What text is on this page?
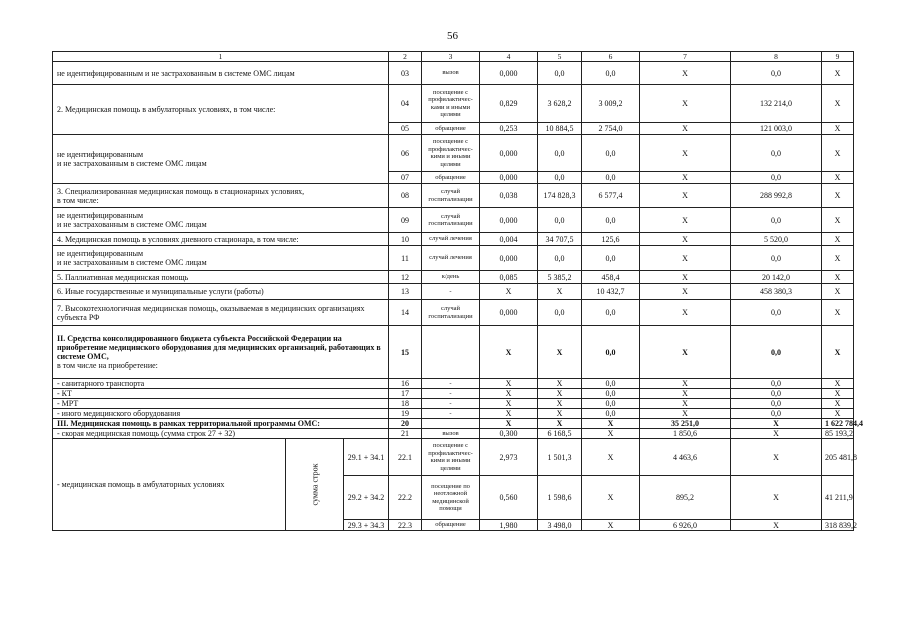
56
1			2	3	4	5	6	7	8	9	
не идентифицированным и не застрахованным в системе ОМС лицам			03	вызов	0,000	0,0	0,0	X	0,0	X	
2. Медицинская помощь в амбулаторных условиях, в том числе:			04	посещение с профилактичес-ками и иными целями	0,829	3 628,2	3 009,2	X	132 214,0	X	
			05	обращение	0,253	10 884,5	2 754,0	X	121 003,0	X	
не идентифицированным
и не застрахованным в системе ОМС лицам			06	посещение с профилактичес-кими и иными целями	0,000	0,0	0,0	X	0,0	X	
			07	обращение	0,000	0,0	0,0	X	0,0	X	
3. Специализированная медицинская помощь в стационарных условиях,
в том числе:			08	случай госпитализации	0,038	174 828,3	6 577,4	X	288 992,8	X	
не идентифицированным
и не застрахованным в системе ОМС лицам			09	случай госпитализации	0,000	0,0	0,0	X	0,0	X	
4. Медицинская помощь в условиях дневного стационара, в том числе:			10	случай лечения	0,004	34 707,5	125,6	X	5 520,0	X	
не идентифицированным
и не застрахованным в системе ОМС лицам			11	случай лечения	0,000	0,0	0,0	X	0,0	X	
5. Паллиативная медицинская помощь			12	к/день	0,085	5 385,2	458,4	X	20 142,0	X	
6. Иные государственные и муниципальные услуги (работы)			13	-	X	X	10 432,7	X	458 380,3	X	
7. Высокотехнологичная медицинская помощь, оказываемая в медицинских организациях субъекта РФ			14	случай госпитализации	0,000	0,0	0,0	X	0,0	X	
II. Средства консолидированного бюджета субъекта Российской Федерации на приобретение медицинского оборудования для медицинских организаций, работающих в системе ОМС,
в том числе на приобретение:			15		X	X	0,0	X	0,0	X	
- санитарного транспорта			16	-	X	X	0,0	X	0,0	X	
- КТ			17	-	X	X	0,0	X	0,0	X	
- МРТ			18	-	X	X	0,0	X	0,0	X	
- иного медицинского оборудования			19	-	X	X	0,0	X	0,0	X	
III. Медицинская помощь в рамках территориальной программы ОМС:			20		X	X	X	35 251,0	X	1 622 784,4	
- скорая медицинская помощь (сумма строк 27 + 32)			21	вызов	0,300	6 168,5	X	1 850,6	X	85 193,2	
- медицинская помощь в амбулаторных условиях	сумма строк	29.1 + 34.1	22.1	посещение с профилактичес-кими и иными целями	2,973	1 501,3	X	4 463,6	X	205 481,8	
		29.2 + 34.2	22.2	посещение по неотложной медицинской помощи	0,560	1 598,6	X	895,2	X	41 211,9	
		29.3 + 34.3	22.3	обращение	1,980	3 498,0	X	6 926,0	X	318 839,2	
